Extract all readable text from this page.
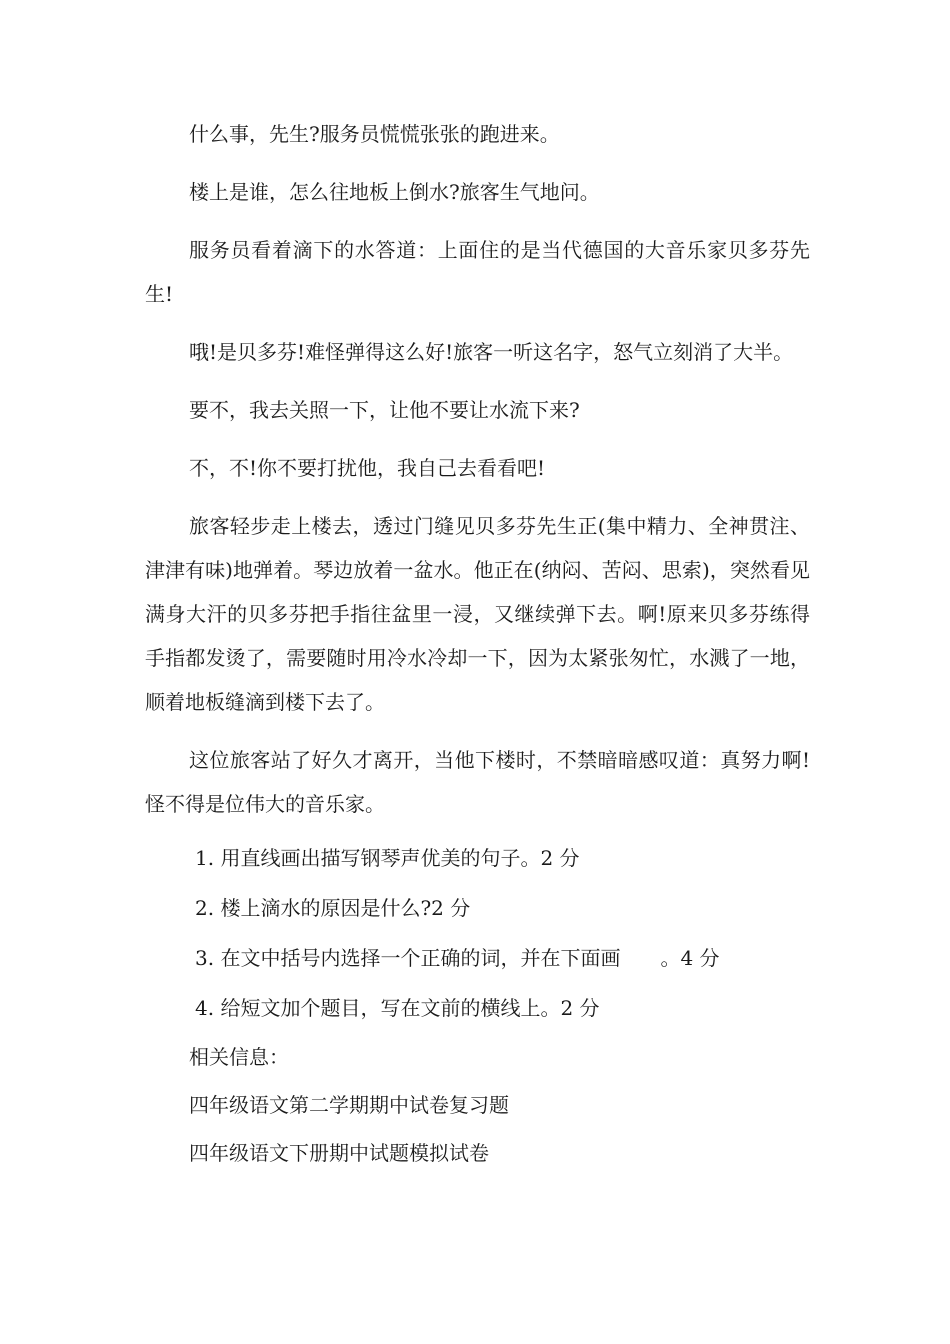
什么事，先生?服务员慌慌张张的跑进来。

楼上是谁，怎么往地板上倒水?旅客生气地问。

服务员看着滴下的水答道：上面住的是当代德国的大音乐家贝多芬先生!

哦!是贝多芬!难怪弹得这么好!旅客一听这名字，怒气立刻消了大半。

要不，我去关照一下，让他不要让水流下来?

不，不!你不要打扰他，我自己去看看吧!

旅客轻步走上楼去，透过门缝见贝多芬先生正(集中精力、全神贯注、津津有味)地弹着。琴边放着一盆水。他正在(纳闷、苦闷、思索)，突然看见满身大汗的贝多芬把手指往盆里一浸，又继续弹下去。啊!原来贝多芬练得手指都发烫了，需要随时用冷水冷却一下，因为太紧张匆忙，水溅了一地，顺着地板缝滴到楼下去了。

这位旅客站了好久才离开，当他下楼时，不禁暗暗感叹道：真努力啊!怪不得是位伟大的音乐家。

1. 用直线画出描写钢琴声优美的句子。2 分
2. 楼上滴水的原因是什么?2 分
3. 在文中括号内选择一个正确的词，并在下面画　　。4 分
4. 给短文加个题目，写在文前的横线上。2 分
相关信息：
四年级语文第二学期期中试卷复习题
四年级语文下册期中试题模拟试卷
